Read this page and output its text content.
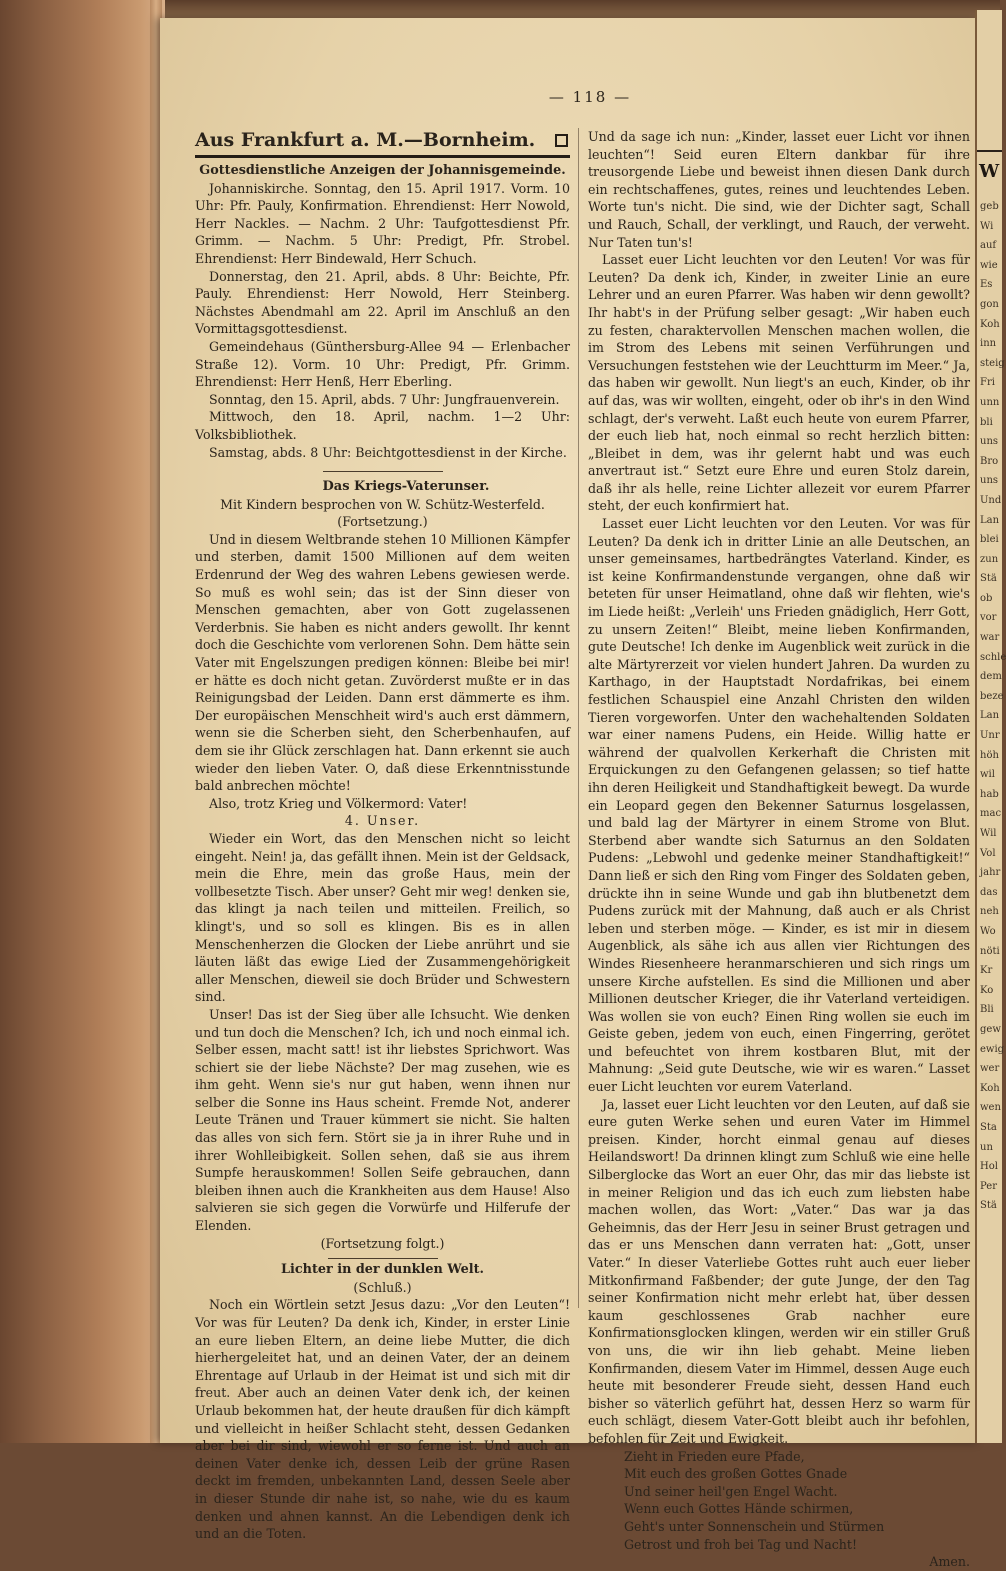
W
geb
Wi
auf
wie
Es
gon
Koh
inn
steig
Fri
unn
bli
uns
Bro
uns
Und
Lan
blei
zun
Stä
ob
vor
war
schle
dem
beze
Lan
Unr
höh
wil
hab
mac
Wil
Vol
jahr
das
neh
Wo
nöti
Kr
Ko
Bli
gew
ewig
wer
Koh
wen
Sta
un
Hol
Per
Stä
— 118 —
Aus Frankfurt a. M.—Bornheim.
Gottesdienstliche Anzeigen der Johannisgemeinde.

Johanniskirche. Sonntag, den 15. April 1917. Vorm. 10 Uhr: Pfr. Pauly, Konfirmation. Ehrendienst: Herr Nowold, Herr Nackles. — Nachm. 2 Uhr: Taufgottesdienst Pfr. Grimm. — Nachm. 5 Uhr: Predigt, Pfr. Strobel. Ehrendienst: Herr Bindewald, Herr Schuch.

Donnerstag, den 21. April, abds. 8 Uhr: Beichte, Pfr. Pauly. Ehrendienst: Herr Nowold, Herr Steinberg. Nächstes Abendmahl am 22. April im Anschluß an den Vormittagsgottesdienst.

Gemeindehaus (Günthersburg-Allee 94 — Erlenbacher Straße 12). Vorm. 10 Uhr: Predigt, Pfr. Grimm. Ehrendienst: Herr Henß, Herr Eberling.

Sonntag, den 15. April, abds. 7 Uhr: Jungfrauenverein.

Mittwoch, den 18. April, nachm. 1—2 Uhr: Volksbibliothek.

Samstag, abds. 8 Uhr: Beichtgottesdienst in der Kirche.

Das Kriegs-Vaterunser.
Mit Kindern besprochen von W. Schütz-Westerfeld.
(Fortsetzung.)

Und in diesem Weltbrande stehen 10 Millionen Kämpfer und sterben, damit 1500 Millionen auf dem weiten Erdenrund der Weg des wahren Lebens gewiesen werde. So muß es wohl sein; das ist der Sinn dieser von Menschen gemachten, aber von Gott zugelassenen Verderbnis. Sie haben es nicht anders gewollt. Ihr kennt doch die Geschichte vom verlorenen Sohn. Dem hätte sein Vater mit Engelszungen predigen können: Bleibe bei mir! er hätte es doch nicht getan. Zuvörderst mußte er in das Reinigungsbad der Leiden. Dann erst dämmerte es ihm. Der europäischen Menschheit wird's auch erst dämmern, wenn sie die Scherben sieht, den Scherbenhaufen, auf dem sie ihr Glück zerschlagen hat. Dann erkennt sie auch wieder den lieben Vater. O, daß diese Erkenntnisstunde bald anbrechen möchte!

Also, trotz Krieg und Völkermord: Vater!

4. Unser.

Wieder ein Wort, das den Menschen nicht so leicht eingeht. Nein! ja, das gefällt ihnen. Mein ist der Geldsack, mein die Ehre, mein das große Haus, mein der vollbesetzte Tisch. Aber unser? Geht mir weg! denken sie, das klingt ja nach teilen und mitteilen. Freilich, so klingt's, und so soll es klingen. Bis es in allen Menschenherzen die Glocken der Liebe anrührt und sie läuten läßt das ewige Lied der Zusammengehörigkeit aller Menschen, dieweil sie doch Brüder und Schwestern sind.

Unser! Das ist der Sieg über alle Ichsucht. Wie denken und tun doch die Menschen? Ich, ich und noch einmal ich. Selber essen, macht satt! ist ihr liebstes Sprichwort. Was schiert sie der liebe Nächste? Der mag zusehen, wie es ihm geht. Wenn sie's nur gut haben, wenn ihnen nur selber die Sonne ins Haus scheint. Fremde Not, anderer Leute Tränen und Trauer kümmert sie nicht. Sie halten das alles von sich fern. Stört sie ja in ihrer Ruhe und in ihrer Wohlleibigkeit. Sollen sehen, daß sie aus ihrem Sumpfe herauskommen! Sollen Seife gebrauchen, dann bleiben ihnen auch die Krankheiten aus dem Hause! Also salvieren sie sich gegen die Vorwürfe und Hilferufe der Elenden.

(Fortsetzung folgt.)
Lichter in der dunklen Welt.
(Schluß.)

Noch ein Wörtlein setzt Jesus dazu: „Vor den Leuten“! Vor was für Leuten? Da denk ich, Kinder, in erster Linie an eure lieben Eltern, an deine liebe Mutter, die dich hierhergeleitet hat, und an deinen Vater, der an deinem Ehrentage auf Urlaub in der Heimat ist und sich mit dir freut. Aber auch an deinen Vater denk ich, der keinen Urlaub bekommen hat, der heute draußen für dich kämpft und vielleicht in heißer Schlacht steht, dessen Gedanken aber bei dir sind, wiewohl er so ferne ist. Und auch an deinen Vater denke ich, dessen Leib der grüne Rasen deckt im fremden, unbekannten Land, dessen Seele aber in dieser Stunde dir nahe ist, so nahe, wie du es kaum denken und ahnen kannst. An die Lebendigen denk ich und an die Toten.

Und da sage ich nun: „Kinder, lasset euer Licht vor ihnen leuchten“! Seid euren Eltern dankbar für ihre treusorgende Liebe und beweist ihnen diesen Dank durch ein rechtschaffenes, gutes, reines und leuchtendes Leben. Worte tun's nicht. Die sind, wie der Dichter sagt, Schall und Rauch, Schall, der verklingt, und Rauch, der verweht. Nur Taten tun's!

Lasset euer Licht leuchten vor den Leuten! Vor was für Leuten? Da denk ich, Kinder, in zweiter Linie an eure Lehrer und an euren Pfarrer. Was haben wir denn gewollt? Ihr habt's in der Prüfung selber gesagt: „Wir haben euch zu festen, charaktervollen Menschen machen wollen, die im Strom des Lebens mit seinen Verführungen und Versuchungen feststehen wie der Leuchtturm im Meer.“ Ja, das haben wir gewollt. Nun liegt's an euch, Kinder, ob ihr auf das, was wir wollten, eingeht, oder ob ihr's in den Wind schlagt, der's verweht. Laßt euch heute von eurem Pfarrer, der euch lieb hat, noch einmal so recht herzlich bitten: „Bleibet in dem, was ihr gelernt habt und was euch anvertraut ist.“ Setzt eure Ehre und euren Stolz darein, daß ihr als helle, reine Lichter allezeit vor eurem Pfarrer steht, der euch konfirmiert hat.

Lasset euer Licht leuchten vor den Leuten. Vor was für Leuten? Da denk ich in dritter Linie an alle Deutschen, an unser gemeinsames, hartbedrängtes Vaterland. Kinder, es ist keine Konfirmandenstunde vergangen, ohne daß wir beteten für unser Heimatland, ohne daß wir flehten, wie's im Liede heißt: „Verleih' uns Frieden gnädiglich, Herr Gott, zu unsern Zeiten!“ Bleibt, meine lieben Konfirmanden, gute Deutsche! Ich denke im Augenblick weit zurück in die alte Märtyrerzeit vor vielen hundert Jahren. Da wurden zu Karthago, in der Hauptstadt Nordafrikas, bei einem festlichen Schauspiel eine Anzahl Christen den wilden Tieren vorgeworfen. Unter den wachehaltenden Soldaten war einer namens Pudens, ein Heide. Willig hatte er während der qualvollen Kerkerhaft die Christen mit Erquickungen zu den Gefangenen gelassen; so tief hatte ihn deren Heiligkeit und Standhaftigkeit bewegt. Da wurde ein Leopard gegen den Bekenner Saturnus losgelassen, und bald lag der Märtyrer in einem Strome von Blut. Sterbend aber wandte sich Saturnus an den Soldaten Pudens: „Lebwohl und gedenke meiner Standhaftigkeit!“ Dann ließ er sich den Ring vom Finger des Soldaten geben, drückte ihn in seine Wunde und gab ihn blutbenetzt dem Pudens zurück mit der Mahnung, daß auch er als Christ leben und sterben möge. — Kinder, es ist mir in diesem Augenblick, als sähe ich aus allen vier Richtungen des Windes Riesenheere heranmarschieren und sich rings um unsere Kirche aufstellen. Es sind die Millionen und aber Millionen deutscher Krieger, die ihr Vaterland verteidigen. Was wollen sie von euch? Einen Ring wollen sie euch im Geiste geben, jedem von euch, einen Fingerring, gerötet und befeuchtet von ihrem kostbaren Blut, mit der Mahnung: „Seid gute Deutsche, wie wir es waren.“ Lasset euer Licht leuchten vor eurem Vaterland.

Ja, lasset euer Licht leuchten vor den Leuten, auf daß sie eure guten Werke sehen und euren Vater im Himmel preisen. Kinder, horcht einmal genau auf dieses Heilandswort! Da drinnen klingt zum Schluß wie eine helle Silberglocke das Wort an euer Ohr, das mir das liebste ist in meiner Religion und das ich euch zum liebsten habe machen wollen, das Wort: „Vater.“ Das war ja das Geheimnis, das der Herr Jesu in seiner Brust getragen und das er uns Menschen dann verraten hat: „Gott, unser Vater.“ In dieser Vaterliebe Gottes ruht auch euer lieber Mitkonfirmand Faßbender; der gute Junge, der den Tag seiner Konfirmation nicht mehr erlebt hat, über dessen kaum geschlossenes Grab nachher eure Konfirmationsglocken klingen, werden wir ein stiller Gruß von uns, die wir ihn lieb gehabt. Meine lieben Konfirmanden, diesem Vater im Himmel, dessen Auge euch heute mit besonderer Freude sieht, dessen Hand euch bisher so väterlich geführt hat, dessen Herz so warm für euch schlägt, diesem Vater-Gott bleibt auch ihr befohlen, befohlen für Zeit und Ewigkeit.

Zieht in Frieden eure Pfade,
Mit euch des großen Gottes Gnade
Und seiner heil'gen Engel Wacht.
Wenn euch Gottes Hände schirmen,
Geht's unter Sonnenschein und Stürmen
Getrost und froh bei Tag und Nacht!
Amen.
